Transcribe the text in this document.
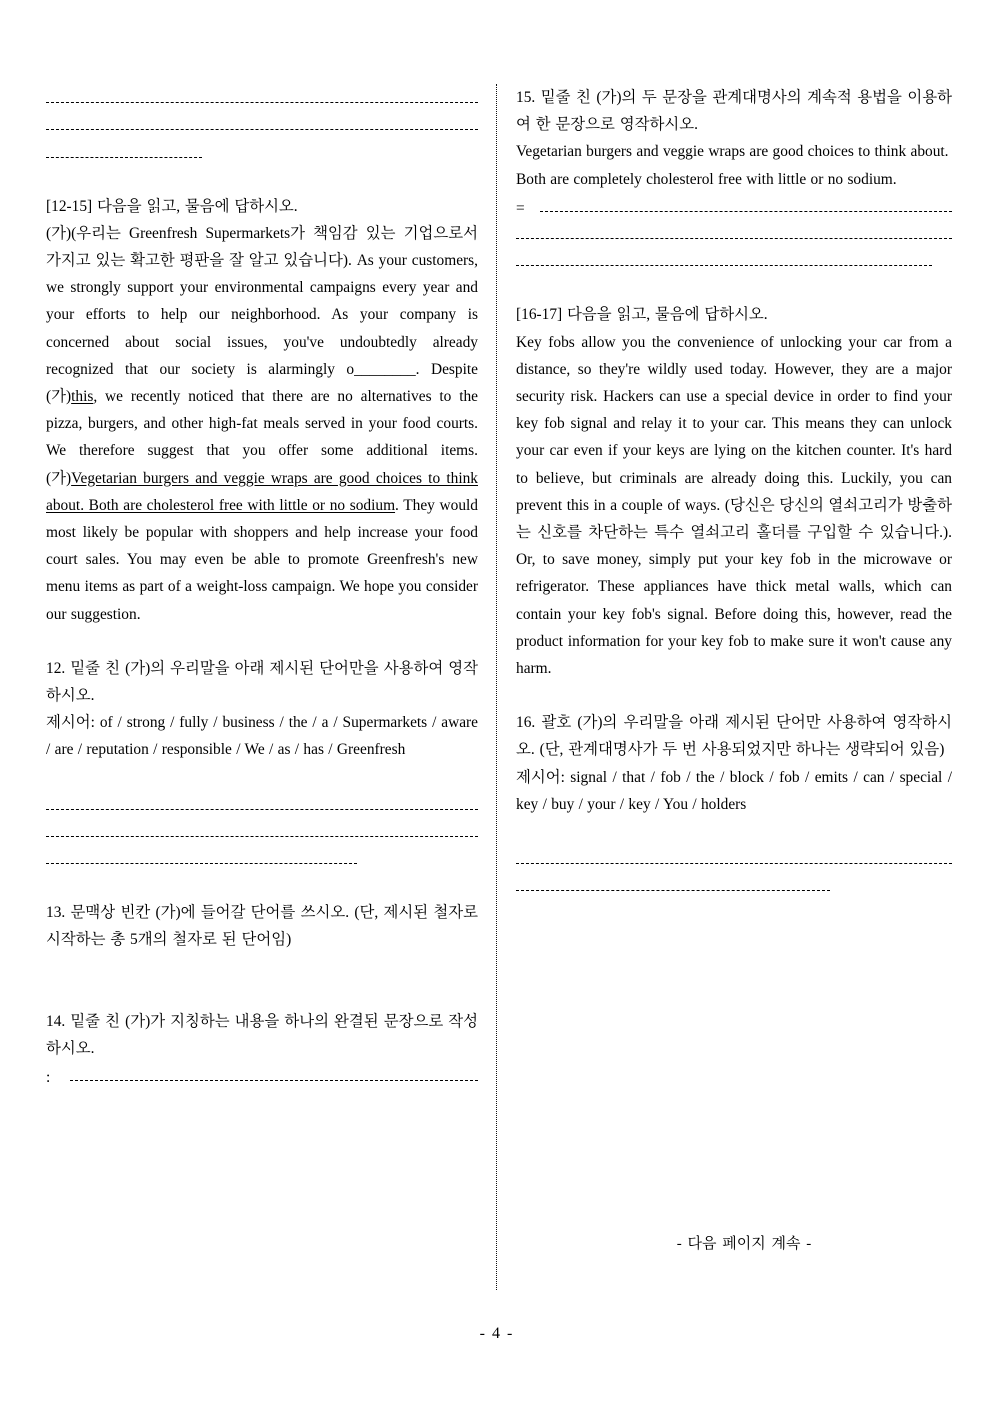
[12-15] 다음을 읽고, 물음에 답하시오.

(가)(우리는 Greenfresh Supermarkets가 책임감 있는 기업으로서 가지고 있는 확고한 평판을 잘 알고 있습니다). As your customers, we strongly support your environmental campaigns every year and your efforts to help our neighborhood. As your company is concerned about social issues, you've undoubtedly already recognized that our society is alarmingly o________. Despite (가)this, we recently noticed that there are no alternatives to the pizza, burgers, and other high-fat meals served in your food courts. We therefore suggest that you offer some additional items. (가)Vegetarian burgers and veggie wraps are good choices to think about. Both are cholesterol free with little or no sodium. They would most likely be popular with shoppers and help increase your food court sales. You may even be able to promote Greenfresh's new menu items as part of a weight-loss campaign. We hope you consider our suggestion.

12. 밑줄 친 (가)의 우리말을 아래 제시된 단어만을 사용하여 영작하시오.

제시어: of / strong / fully / business / the / a / Supermarkets / aware / are / reputation / responsible / We / as / has / Greenfresh

13. 문맥상 빈칸 (가)에 들어갈 단어를 쓰시오. (단, 제시된 철자로 시작하는 총 5개의 철자로 된 단어임)

14. 밑줄 친 (가)가 지칭하는 내용을 하나의 완결된 문장으로 작성하시오.

:

15. 밑줄 친 (가)의 두 문장을 관계대명사의 계속적 용법을 이용하여 한 문장으로 영작하시오.

Vegetarian burgers and veggie wraps are good choices to think about.

Both are completely cholesterol free with little or no sodium.

=

[16-17] 다음을 읽고, 물음에 답하시오.

Key fobs allow you the convenience of unlocking your car from a distance, so they're wildly used today. However, they are a major security risk. Hackers can use a special device in order to find your key fob signal and relay it to your car. This means they can unlock your car even if your keys are lying on the kitchen counter. It's hard to believe, but criminals are already doing this. Luckily, you can prevent this in a couple of ways. (당신은 당신의 열쇠고리가 방출하는 신호를 차단하는 특수 열쇠고리 홀더를 구입할 수 있습니다.). Or, to save money, simply put your key fob in the microwave or refrigerator. These appliances have thick metal walls, which can contain your key fob's signal. Before doing this, however, read the product information for your key fob to make sure it won't cause any harm.

16. 괄호 (가)의 우리말을 아래 제시된 단어만 사용하여 영작하시오. (단, 관계대명사가 두 번 사용되었지만 하나는 생략되어 있음)

제시어: signal / that / fob / the / block / fob / emits / can / special / key / buy / your / key / You / holders

- 다음 페이지 계속 -
- 4 -
